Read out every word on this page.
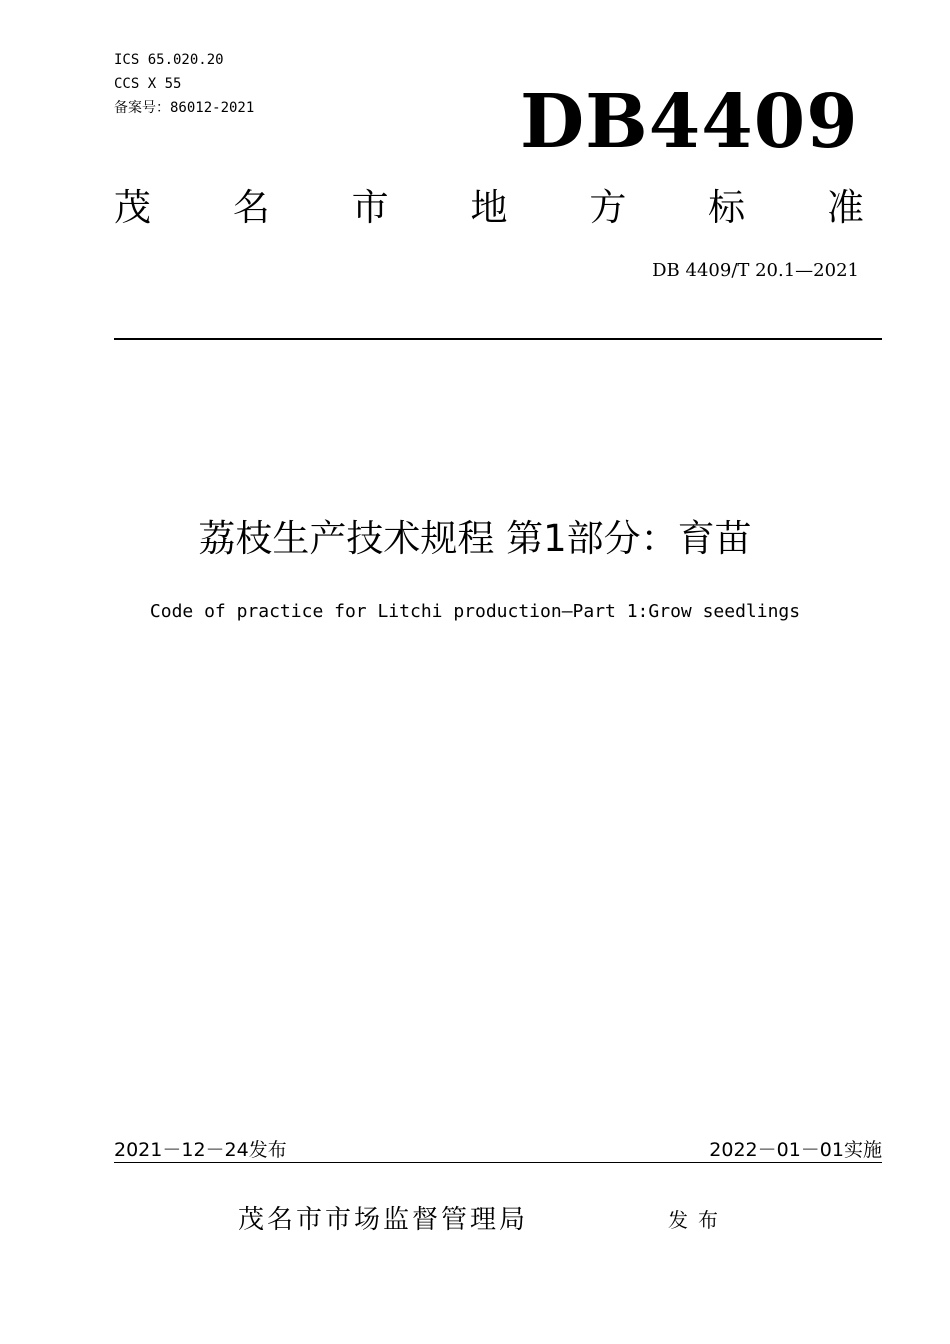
ICS 65.020.20
CCS X 55
备案号：86012-2021	DB4409
茂 名 市 地 方 标 准
DB 4409/T 20.1—2021
荔枝生产技术规程 第1部分：育苗
Code of practice for Litchi production—Part 1:Grow seedlings
2021－12－24发布	2022－01－01实施
茂名市市场监督管理局	发布
